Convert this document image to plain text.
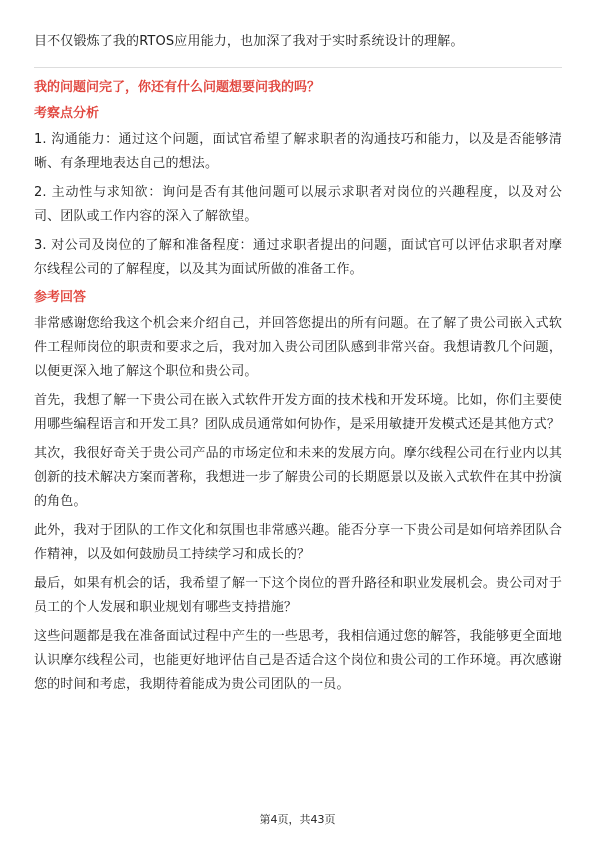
目不仅锻炼了我的RTOS应用能力，也加深了我对于实时系统设计的理解。

我的问题问完了，你还有什么问题想要问我的吗？
考察点分析

1. 沟通能力：通过这个问题，面试官希望了解求职者的沟通技巧和能力，以及是否能够清晰、有条理地表达自己的想法。

2. 主动性与求知欲：询问是否有其他问题可以展示求职者对岗位的兴趣程度，以及对公司、团队或工作内容的深入了解欲望。

3. 对公司及岗位的了解和准备程度：通过求职者提出的问题，面试官可以评估求职者对摩尔线程公司的了解程度，以及其为面试所做的准备工作。

参考回答

非常感谢您给我这个机会来介绍自己，并回答您提出的所有问题。在了解了贵公司嵌入式软件工程师岗位的职责和要求之后，我对加入贵公司团队感到非常兴奋。我想请教几个问题，以便更深入地了解这个职位和贵公司。

首先，我想了解一下贵公司在嵌入式软件开发方面的技术栈和开发环境。比如，你们主要使用哪些编程语言和开发工具？团队成员通常如何协作，是采用敏捷开发模式还是其他方式？

其次，我很好奇关于贵公司产品的市场定位和未来的发展方向。摩尔线程公司在行业内以其创新的技术解决方案而著称，我想进一步了解贵公司的长期愿景以及嵌入式软件在其中扮演的角色。

此外，我对于团队的工作文化和氛围也非常感兴趣。能否分享一下贵公司是如何培养团队合作精神，以及如何鼓励员工持续学习和成长的？

最后，如果有机会的话，我希望了解一下这个岗位的晋升路径和职业发展机会。贵公司对于员工的个人发展和职业规划有哪些支持措施？

这些问题都是我在准备面试过程中产生的一些思考，我相信通过您的解答，我能够更全面地认识摩尔线程公司，也能更好地评估自己是否适合这个岗位和贵公司的工作环境。再次感谢您的时间和考虑，我期待着能成为贵公司团队的一员。

第4页，共43页
